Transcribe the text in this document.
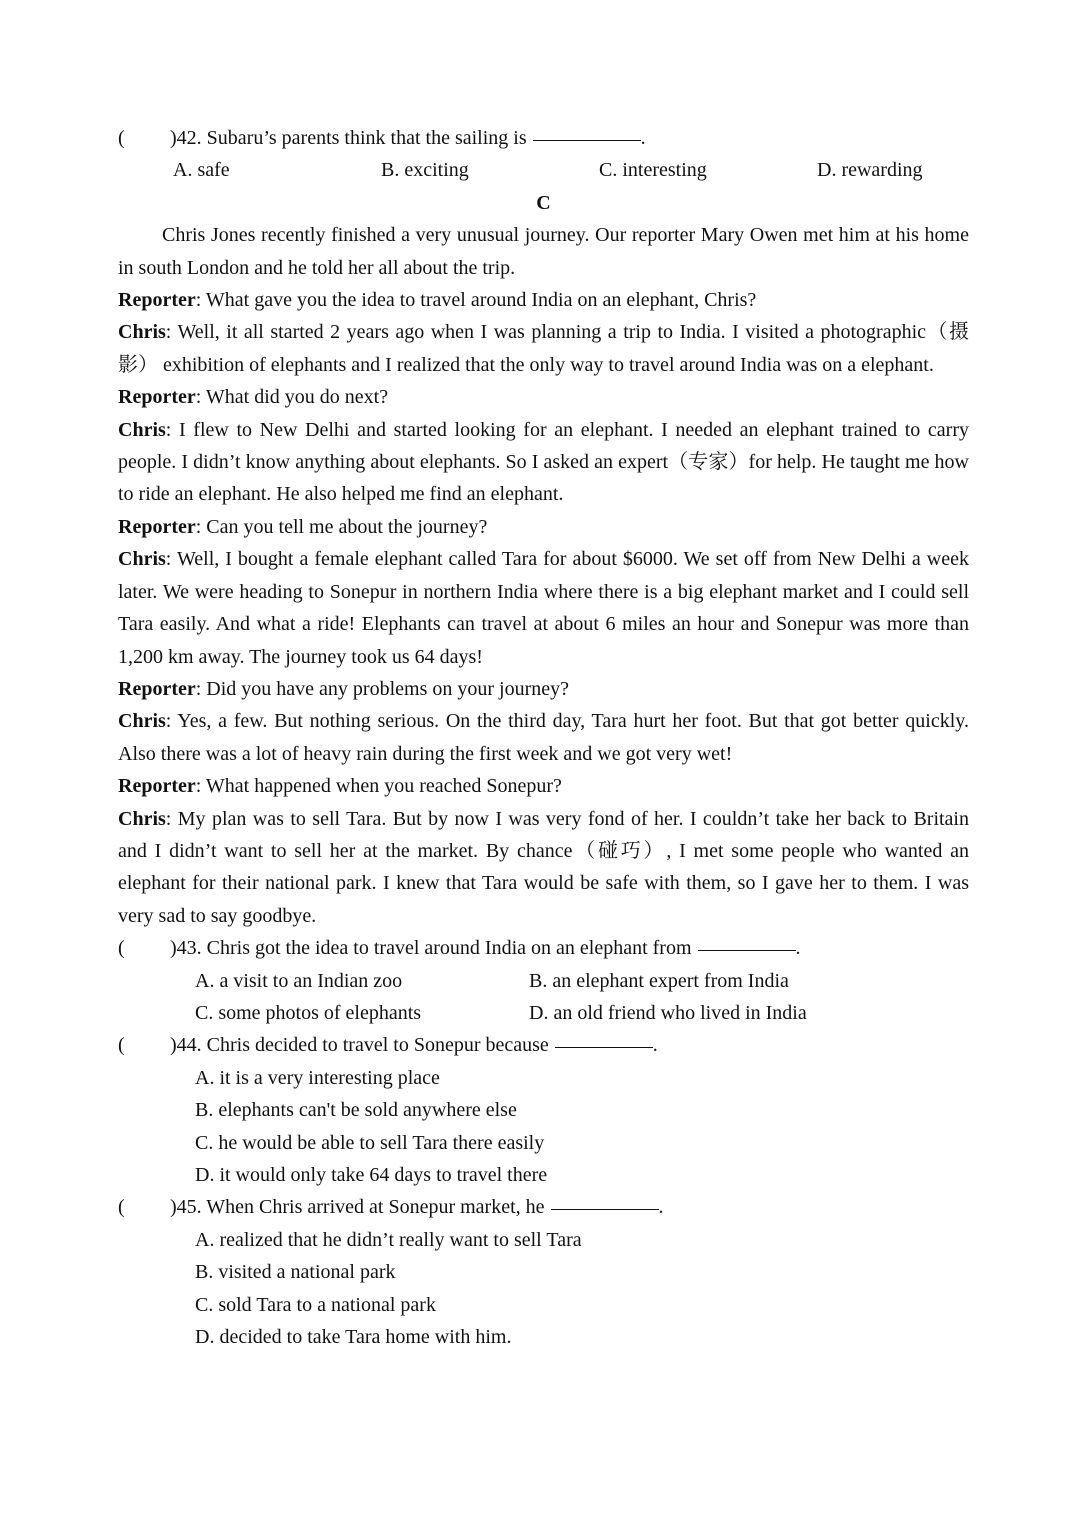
(	)42. Subaru’s parents think that the sailing is	.
A. safe	B. exciting	C. interesting	D. rewarding
C
Chris Jones recently finished a very unusual journey. Our reporter Mary Owen met him at his home in south London and he told her all about the trip.
Reporter: What gave you the idea to travel around India on an elephant, Chris?
Chris: Well, it all started 2 years ago when I was planning a trip to India. I visited a photographic（摄影） exhibition of elephants and I realized that the only way to travel around India was on a elephant.
Reporter: What did you do next?
Chris: I flew to New Delhi and started looking for an elephant. I needed an elephant trained to carry people. I didn’t know anything about elephants. So I asked an expert（专家）for help. He taught me how to ride an elephant. He also helped me find an elephant.
Reporter: Can you tell me about the journey?
Chris: Well, I bought a female elephant called Tara for about $6000. We set off from New Delhi a week later. We were heading to Sonepur in northern India where there is a big elephant market and I could sell Tara easily. And what a ride! Elephants can travel at about 6 miles an hour and Sonepur was more than 1,200 km away. The journey took us 64 days!
Reporter: Did you have any problems on your journey?
Chris: Yes, a few. But nothing serious. On the third day, Tara hurt her foot. But that got better quickly. Also there was a lot of heavy rain during the first week and we got very wet!
Reporter: What happened when you reached Sonepur?
Chris: My plan was to sell Tara. But by now I was very fond of her. I couldn’t take her back to Britain and I didn’t want to sell her at the market. By chance（碰巧）, I met some people who wanted an elephant for their national park. I knew that Tara would be safe with them, so I gave her to them. I was very sad to say goodbye.
(	)43. Chris got the idea to travel around India on an elephant from	.
A. a visit to an Indian zoo	B. an elephant expert from India
C. some photos of elephants	D. an old friend who lived in India
(	)44. Chris decided to travel to Sonepur because	.
A. it is a very interesting place
B. elephants can't be sold anywhere else
C. he would be able to sell Tara there easily
D. it would only take 64 days to travel there
(	)45. When Chris arrived at Sonepur market, he	.
A. realized that he didn’t really want to sell Tara
B. visited a national park
C. sold Tara to a national park
D. decided to take Tara home with him.
